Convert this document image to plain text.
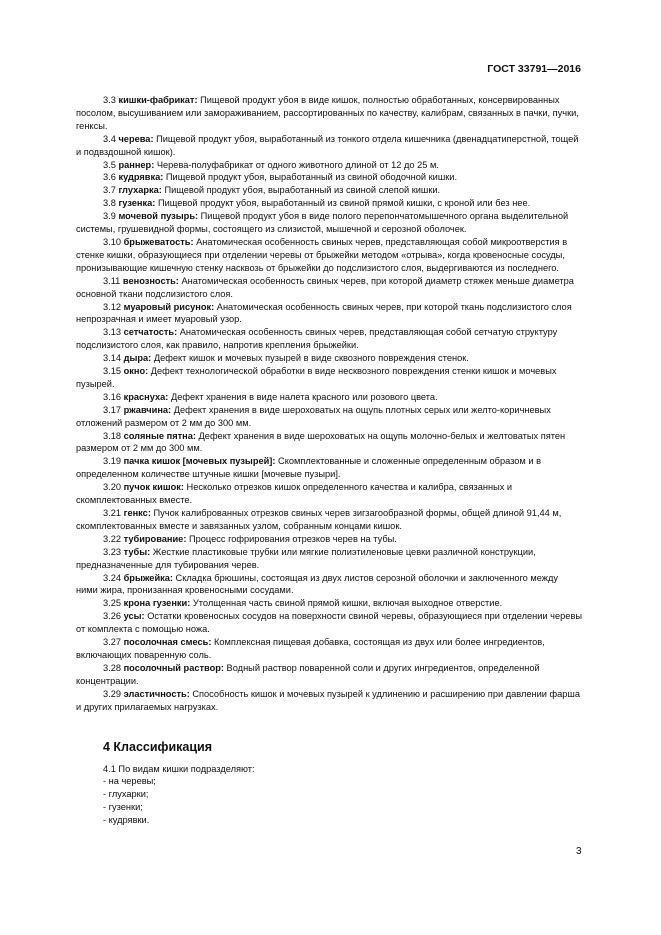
ГОСТ 33791—2016

3.3 кишки-фабрикат: Пищевой продукт убоя в виде кишок, полностью обработанных, консервированных посолом, высушиванием или замораживанием, рассортированных по качеству, калибрам, связанных в пачки, пучки, генксы.

3.4 черева: Пищевой продукт убоя, выработанный из тонкого отдела кишечника (двенадцатиперстной, тощей и подвздошной кишок).

3.5 раннер: Черева-полуфабрикат от одного животного длиной от 12 до 25 м.

3.6 кудрявка: Пищевой продукт убоя, выработанный из свиной ободочной кишки.

3.7 глухарка: Пищевой продукт убоя, выработанный из свиной слепой кишки.

3.8 гузенка: Пищевой продукт убоя, выработанный из свиной прямой кишки, с кроной или без нее.

3.9 мочевой пузырь: Пищевой продукт убоя в виде полого перепончатомышечного органа выделительной системы, грушевидной формы, состоящего из слизистой, мышечной и серозной оболочек.

3.10 брыжеватость: Анатомическая особенность свиных черев, представляющая собой микроотверстия в стенке кишки, образующиеся при отделении черевы от брыжейки методом «отрыва», когда кровеносные сосуды, пронизывающие кишечную стенку насквозь от брыжейки до подслизистого слоя, выдергиваются из последнего.

3.11 венозность: Анатомическая особенность свиных черев, при которой диаметр стяжек меньше диаметра основной ткани подслизистого слоя.

3.12 муаровый рисунок: Анатомическая особенность свиных черев, при которой ткань подслизистого слоя непрозрачная и имеет муаровый узор.

3.13 сетчатость: Анатомическая особенность свиных черев, представляющая собой сетчатую структуру подслизистого слоя, как правило, напротив крепления брыжейки.

3.14 дыра: Дефект кишок и мочевых пузырей в виде сквозного повреждения стенок.

3.15 окно: Дефект технологической обработки в виде несквозного повреждения стенки кишок и мочевых пузырей.

3.16 краснуха: Дефект хранения в виде налета красного или розового цвета.

3.17 ржавчина: Дефект хранения в виде шероховатых на ощупь плотных серых или желто-коричневых отложений размером от 2 мм до 300 мм.

3.18 соляные пятна: Дефект хранения в виде шероховатых на ощупь молочно-белых и желтоватых пятен размером от 2 мм до 300 мм.

3.19 пачка кишок [мочевых пузырей]: Скомплектованные и сложенные определенным образом и в определенном количестве штучные кишки [мочевые пузыри].

3.20 пучок кишок: Несколько отрезков кишок определенного качества и калибра, связанных и скомплектованных вместе.

3.21 генкс: Пучок калиброванных отрезков свиных черев зигзагообразной формы, общей длиной 91,44 м, скомплектованных вместе и завязанных узлом, собранным концами кишок.

3.22 тубирование: Процесс гофрирования отрезков черев на тубы.

3.23 тубы: Жесткие пластиковые трубки или мягкие полиэтиленовые цевки различной конструкции, предназначенные для тубирования черев.

3.24 брыжейка: Складка брюшины, состоящая из двух листов серозной оболочки и заключенного между ними жира, пронизанная кровеносными сосудами.

3.25 крона гузенки: Утолщенная часть свиной прямой кишки, включая выходное отверстие.

3.26 усы: Остатки кровеносных сосудов на поверхности свиной черевы, образующиеся при отделении черевы от комплекта с помощью ножа.

3.27 посолочная смесь: Комплексная пищевая добавка, состоящая из двух или более ингредиентов, включающих поваренную соль.

3.28 посолочный раствор: Водный раствор поваренной соли и других ингредиентов, определенной концентрации.

3.29 эластичность: Способность кишок и мочевых пузырей к удлинению и расширению при давлении фарша и других прилагаемых нагрузках.

4 Классификация

4.1 По видам кишки подразделяют:

- на черевы;

- глухарки;

- гузенки;

- кудрявки.

3
